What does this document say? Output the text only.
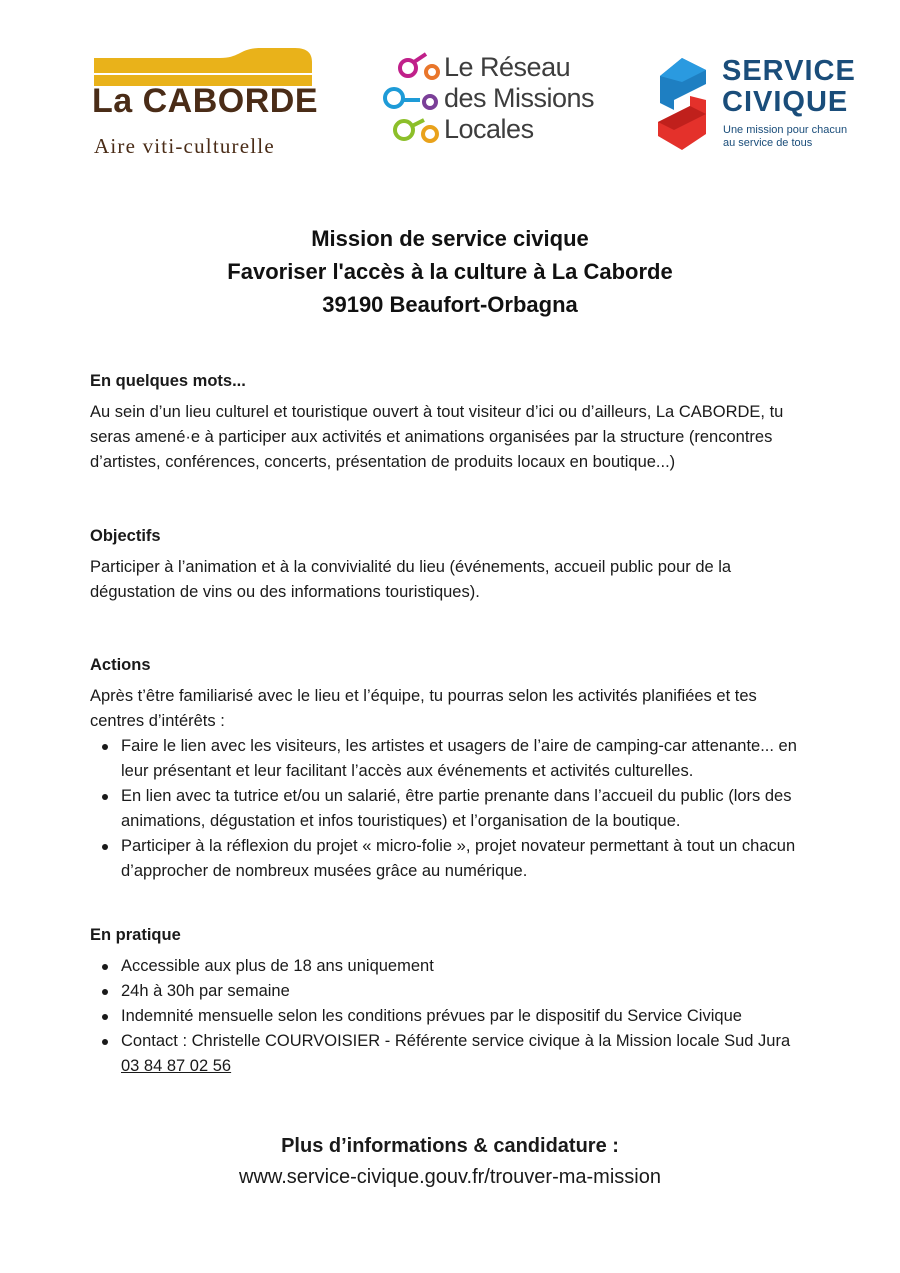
La CABORDE
Aire viti-culturelle
Le Réseau
des Missions
Locales
SERVICE
CIVIQUE
Une mission pour chacun
au service de tous
Mission de service civique
Favoriser l'accès à la culture à La Caborde
39190 Beaufort-Orbagna

En quelques mots...

Au sein d’un lieu culturel et touristique ouvert à tout visiteur d’ici ou d’ailleurs, La CABORDE, tu seras amené·e à participer aux activités et animations organisées par la structure (rencontres d’artistes, conférences, concerts, présentation de produits locaux en boutique...)

Objectifs

Participer à l’animation et à la convivialité du lieu (événements, accueil public pour de la dégustation de vins ou des informations touristiques).

Actions

Après t’être familiarisé avec le lieu et l’équipe, tu pourras selon les activités planifiées et tes centres d’intérêts :

Faire le lien avec les visiteurs, les artistes et usagers de l’aire de camping-car attenante... en leur présentant et leur facilitant l’accès aux événements et activités culturelles.
En lien avec ta tutrice et/ou un salarié, être partie prenante dans l’accueil du public (lors des animations, dégustation et infos touristiques) et l’organisation de la boutique.
Participer à la réflexion du projet « micro-folie », projet novateur permettant à tout un chacun d’approcher de nombreux musées grâce au numérique.

En pratique

Accessible aux plus de 18 ans uniquement
24h à 30h par semaine
Indemnité mensuelle selon les conditions prévues par le dispositif du Service Civique
Contact : Christelle COURVOISIER - Référente service civique à la Mission locale Sud Jura
03 84 87 02 56
Plus d’informations & candidature :
www.service-civique.gouv.fr/trouver-ma-mission
